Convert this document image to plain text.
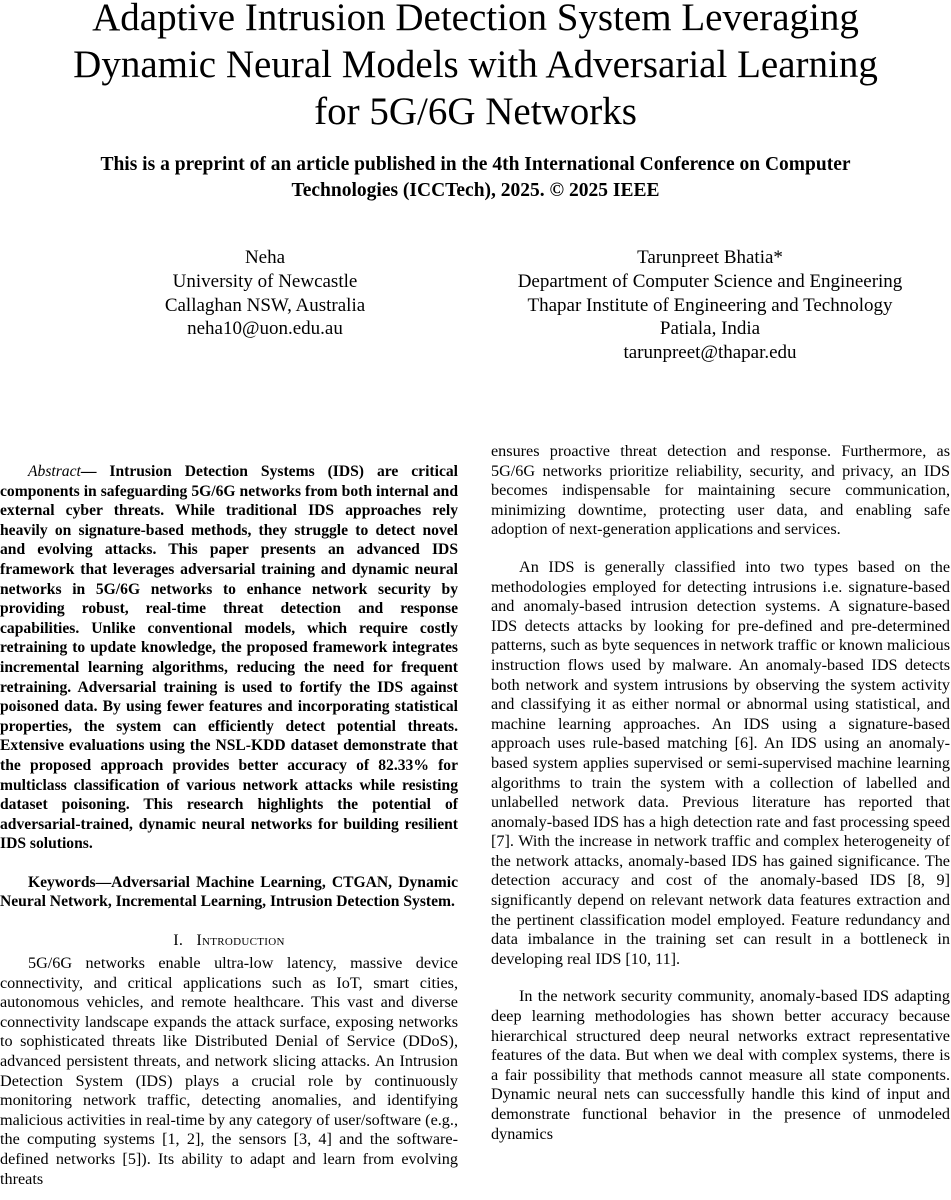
Adaptive Intrusion Detection System Leveraging
Dynamic Neural Models with Adversarial Learning
for 5G/6G Networks
This is a preprint of an article published in the 4th International Conference on Computer
Technologies (ICCTech), 2025. © 2025 IEEE
Neha
University of Newcastle
Callaghan NSW, Australia
neha10@uon.edu.au
Tarunpreet Bhatia*
Department of Computer Science and Engineering
Thapar Institute of Engineering and Technology
Patiala, India
tarunpreet@thapar.edu

Abstract— Intrusion Detection Systems (IDS) are critical components in safeguarding 5G/6G networks from both internal and external cyber threats. While traditional IDS approaches rely heavily on signature-based methods, they struggle to detect novel and evolving attacks. This paper presents an advanced IDS framework that leverages adversarial training and dynamic neural networks in 5G/6G networks to enhance network security by providing robust, real-time threat detection and response capabilities. Unlike conventional models, which require costly retraining to update knowledge, the proposed framework integrates incremental learning algorithms, reducing the need for frequent retraining. Adversarial training is used to fortify the IDS against poisoned data. By using fewer features and incorporating statistical properties, the system can efficiently detect potential threats. Extensive evaluations using the NSL-KDD dataset demonstrate that the proposed approach provides better accuracy of 82.33% for multiclass classification of various network attacks while resisting dataset poisoning. This research highlights the potential of adversarial-trained, dynamic neural networks for building resilient IDS solutions.

Keywords—Adversarial Machine Learning, CTGAN, Dynamic Neural Network, Incremental Learning, Intrusion Detection System.

I. Introduction

5G/6G networks enable ultra-low latency, massive device connectivity, and critical applications such as IoT, smart cities, autonomous vehicles, and remote healthcare. This vast and diverse connectivity landscape expands the attack surface, exposing networks to sophisticated threats like Distributed Denial of Service (DDoS), advanced persistent threats, and network slicing attacks. An Intrusion Detection System (IDS) plays a crucial role by continuously monitoring network traffic, detecting anomalies, and identifying malicious activities in real-time by any category of user/software (e.g., the computing systems [1, 2], the sensors [3, 4] and the software-defined networks [5]). Its ability to adapt and learn from evolving threats

ensures proactive threat detection and response. Furthermore, as 5G/6G networks prioritize reliability, security, and privacy, an IDS becomes indispensable for maintaining secure communication, minimizing downtime, protecting user data, and enabling safe adoption of next-generation applications and services.

An IDS is generally classified into two types based on the methodologies employed for detecting intrusions i.e. signature-based and anomaly-based intrusion detection systems. A signature-based IDS detects attacks by looking for pre-defined and pre-determined patterns, such as byte sequences in network traffic or known malicious instruction flows used by malware. An anomaly-based IDS detects both network and system intrusions by observing the system activity and classifying it as either normal or abnormal using statistical, and machine learning approaches. An IDS using a signature-based approach uses rule-based matching [6]. An IDS using an anomaly-based system applies supervised or semi-supervised machine learning algorithms to train the system with a collection of labelled and unlabelled network data. Previous literature has reported that anomaly-based IDS has a high detection rate and fast processing speed [7]. With the increase in network traffic and complex heterogeneity of the network attacks, anomaly-based IDS has gained significance. The detection accuracy and cost of the anomaly-based IDS [8, 9] significantly depend on relevant network data features extraction and the pertinent classification model employed. Feature redundancy and data imbalance in the training set can result in a bottleneck in developing real IDS [10, 11].

In the network security community, anomaly-based IDS adapting deep learning methodologies has shown better accuracy because hierarchical structured deep neural networks extract representative features of the data. But when we deal with complex systems, there is a fair possibility that methods cannot measure all state components. Dynamic neural nets can successfully handle this kind of input and demonstrate functional behavior in the presence of unmodeled dynamics
